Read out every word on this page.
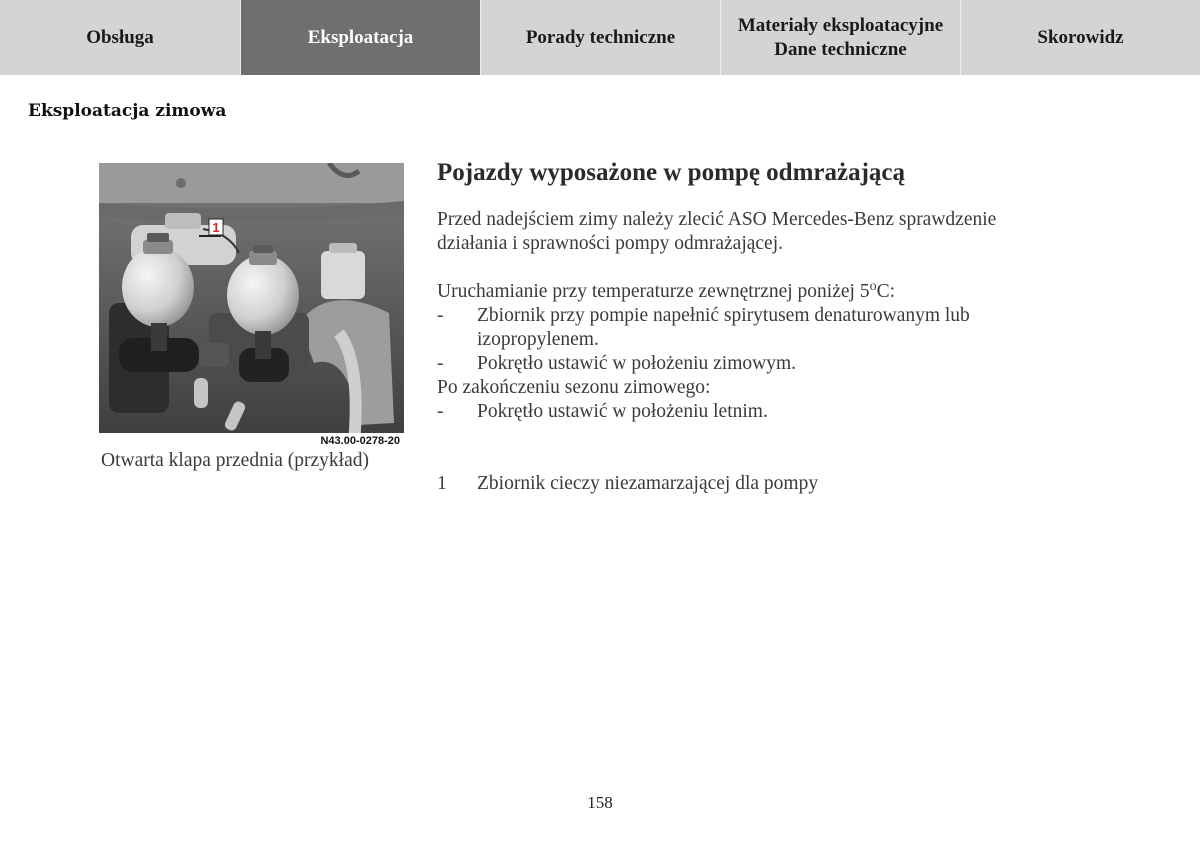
Obsługa	Eksploatacja	Porady techniczne
Materiały eksploatacyjne
Dane techniczne
Skorowidz
Eksploatacja zimowa
1
N43.00-0278-20
Otwarta klapa przednia (przykład)
Pojazdy wyposażone w pompę odmrażającą

Przed nadejściem zimy należy zlecić ASO Mercedes-Benz sprawdzenie działania i sprawności pompy odmrażającej.

Uruchamianie przy temperaturze zewnętrznej poniżej 5$^o$C:

-	Zbiornik przy pompie napełnić spirytusem denaturowanym lub izopropylenem.
-	Pokrętło ustawić w położeniu zimowym.

Po zakończeniu sezonu zimowego:

-	Pokrętło ustawić w położeniu letnim.
1	Zbiornik cieczy niezamarzającej dla pompy
158
